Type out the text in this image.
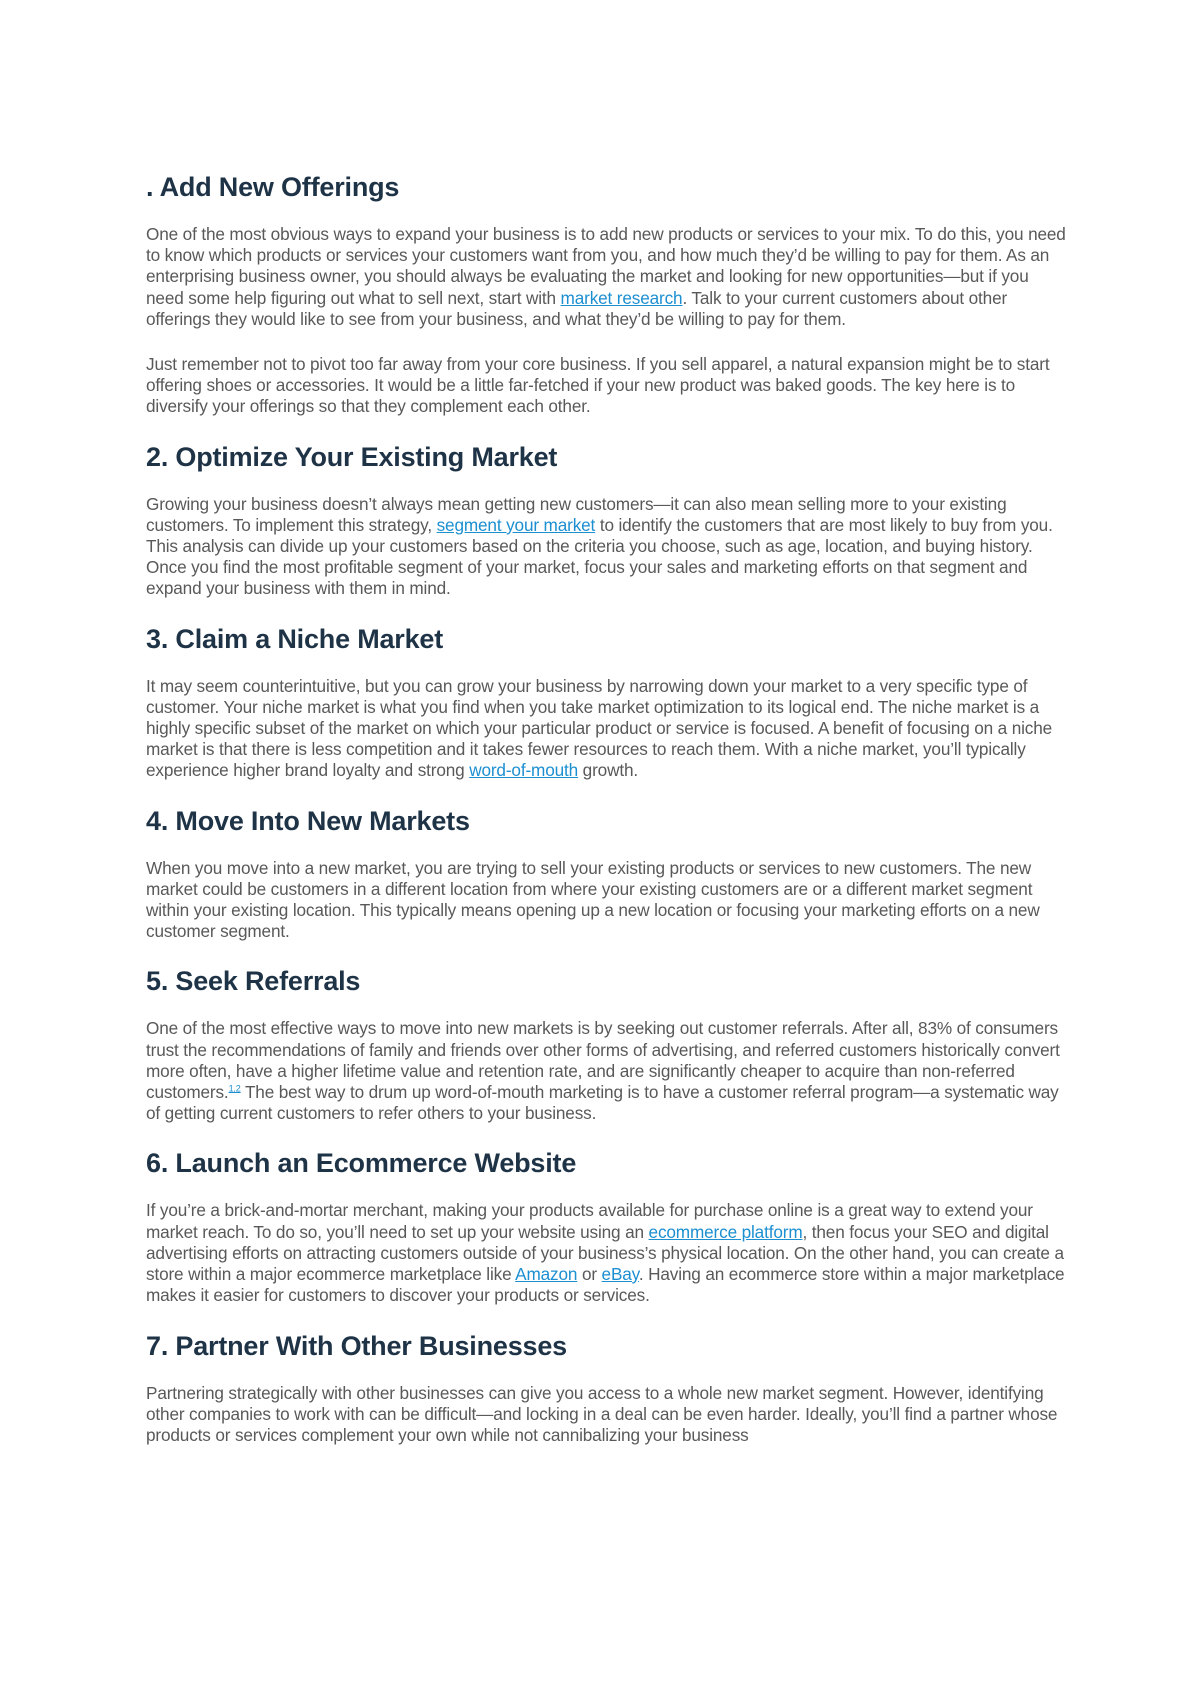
. Add New Offerings

One of the most obvious ways to expand your business is to add new products or services to your mix. To do this, you need to know which products or services your customers want from you, and how much they’d be willing to pay for them. As an enterprising business owner, you should always be evaluating the market and looking for new opportunities—but if you need some help figuring out what to sell next, start with market research. Talk to your current customers about other offerings they would like to see from your business, and what they’d be willing to pay for them.

Just remember not to pivot too far away from your core business. If you sell apparel, a natural expansion might be to start offering shoes or accessories. It would be a little far-fetched if your new product was baked goods. The key here is to diversify your offerings so that they complement each other.

2. Optimize Your Existing Market

Growing your business doesn’t always mean getting new customers—it can also mean selling more to your existing customers. To implement this strategy, segment your market to identify the customers that are most likely to buy from you. This analysis can divide up your customers based on the criteria you choose, such as age, location, and buying history. Once you find the most profitable segment of your market, focus your sales and marketing efforts on that segment and expand your business with them in mind.

3. Claim a Niche Market

It may seem counterintuitive, but you can grow your business by narrowing down your market to a very specific type of customer. Your niche market is what you find when you take market optimization to its logical end. The niche market is a highly specific subset of the market on which your particular product or service is focused. A benefit of focusing on a niche market is that there is less competition and it takes fewer resources to reach them. With a niche market, you’ll typically experience higher brand loyalty and strong word-of-mouth growth.

4. Move Into New Markets

When you move into a new market, you are trying to sell your existing products or services to new customers. The new market could be customers in a different location from where your existing customers are or a different market segment within your existing location. This typically means opening up a new location or focusing your marketing efforts on a new customer segment.

5. Seek Referrals

One of the most effective ways to move into new markets is by seeking out customer referrals. After all, 83% of consumers trust the recommendations of family and friends over other forms of advertising, and referred customers historically convert more often, have a higher lifetime value and retention rate, and are significantly cheaper to acquire than non-referred customers.$^{1,2}$ The best way to drum up word-of-mouth marketing is to have a customer referral program—a systematic way of getting current customers to refer others to your business.

6. Launch an Ecommerce Website

If you’re a brick-and-mortar merchant, making your products available for purchase online is a great way to extend your market reach. To do so, you’ll need to set up your website using an ecommerce platform, then focus your SEO and digital advertising efforts on attracting customers outside of your business’s physical location. On the other hand, you can create a store within a major ecommerce marketplace like Amazon or eBay. Having an ecommerce store within a major marketplace makes it easier for customers to discover your products or services.

7. Partner With Other Businesses

Partnering strategically with other businesses can give you access to a whole new market segment. However, identifying other companies to work with can be difficult—and locking in a deal can be even harder. Ideally, you’ll find a partner whose products or services complement your own while not cannibalizing your business
